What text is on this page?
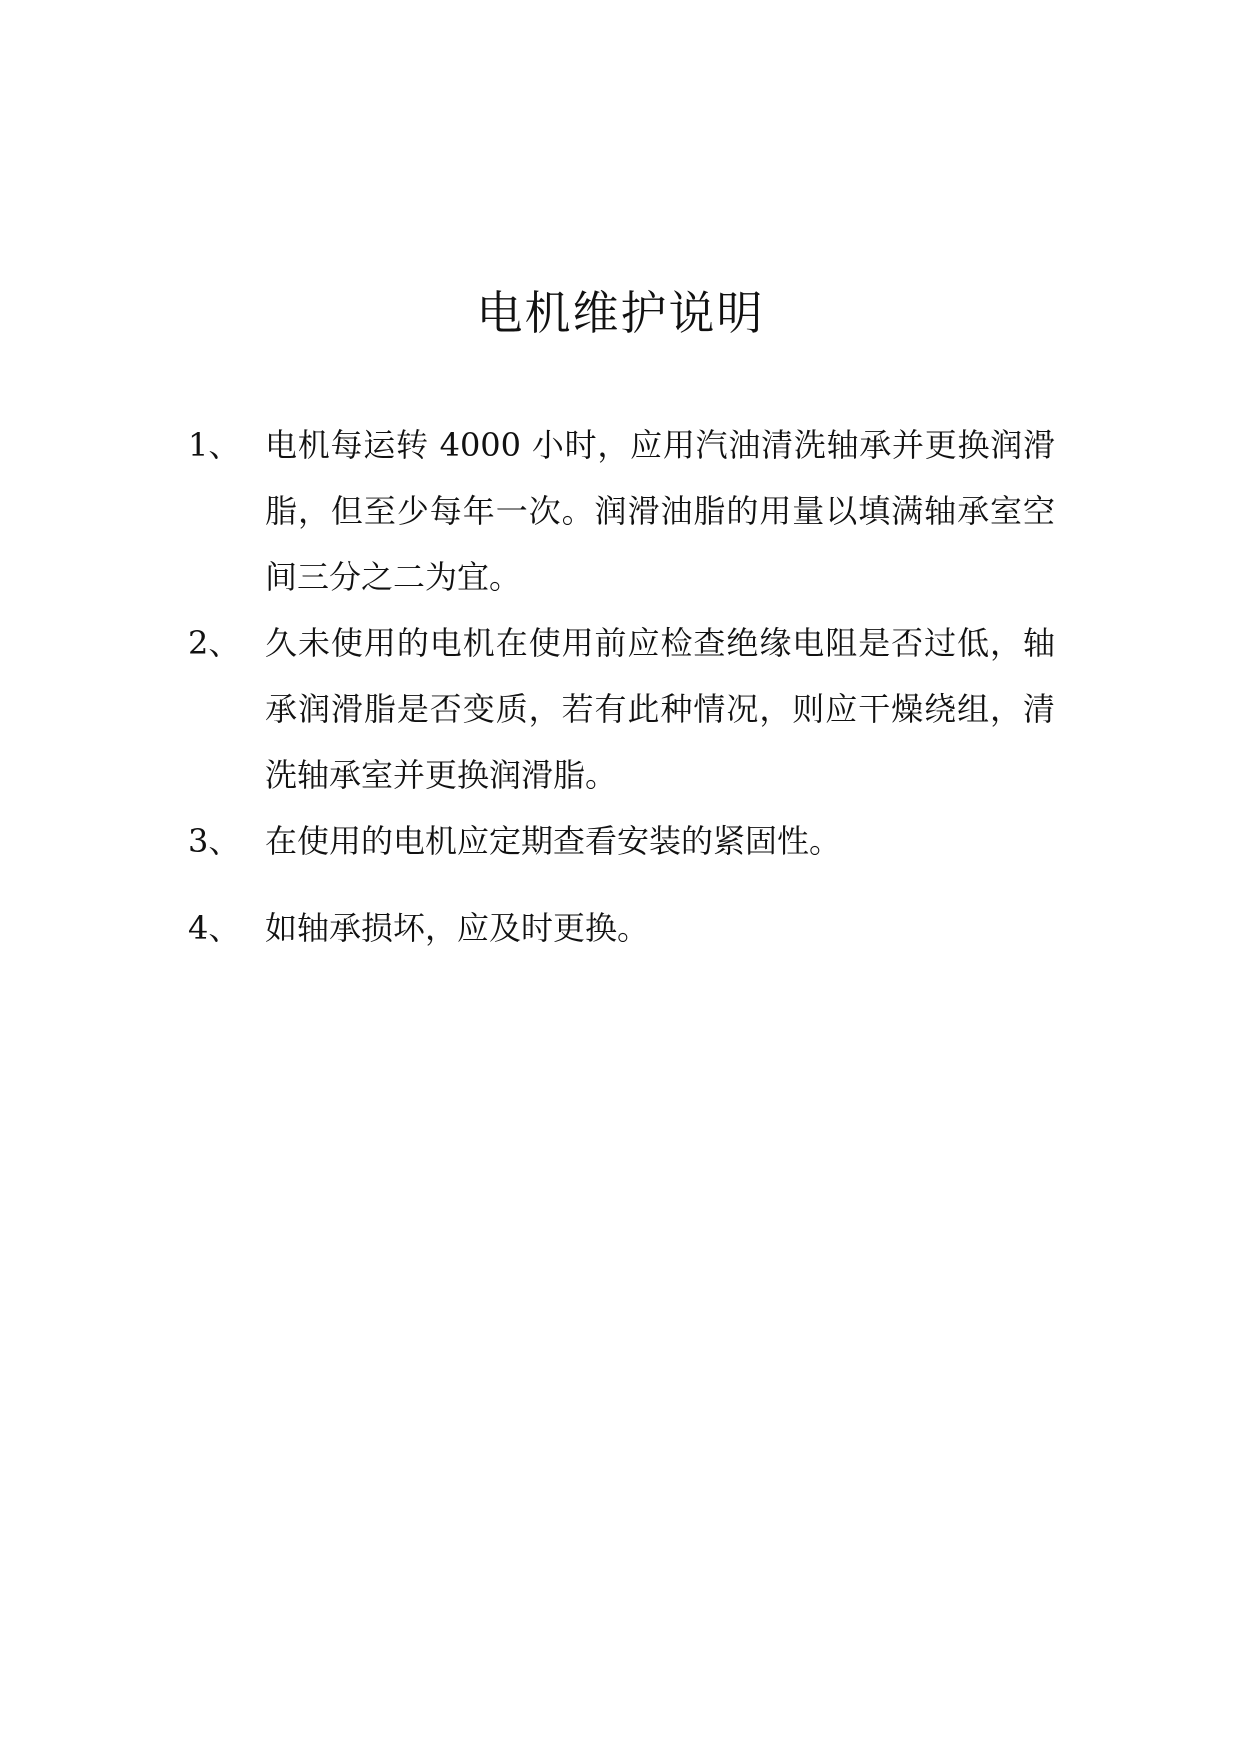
电机维护说明
1、 电机每运转 4000 小时，应用汽油清洗轴承并更换润滑脂，但至少每年一次。润滑油脂的用量以填满轴承室空间三分之二为宜。
2、 久未使用的电机在使用前应检查绝缘电阻是否过低，轴承润滑脂是否变质，若有此种情况，则应干燥绕组，清洗轴承室并更换润滑脂。
3、 在使用的电机应定期查看安装的紧固性。
4、 如轴承损坏，应及时更换。
